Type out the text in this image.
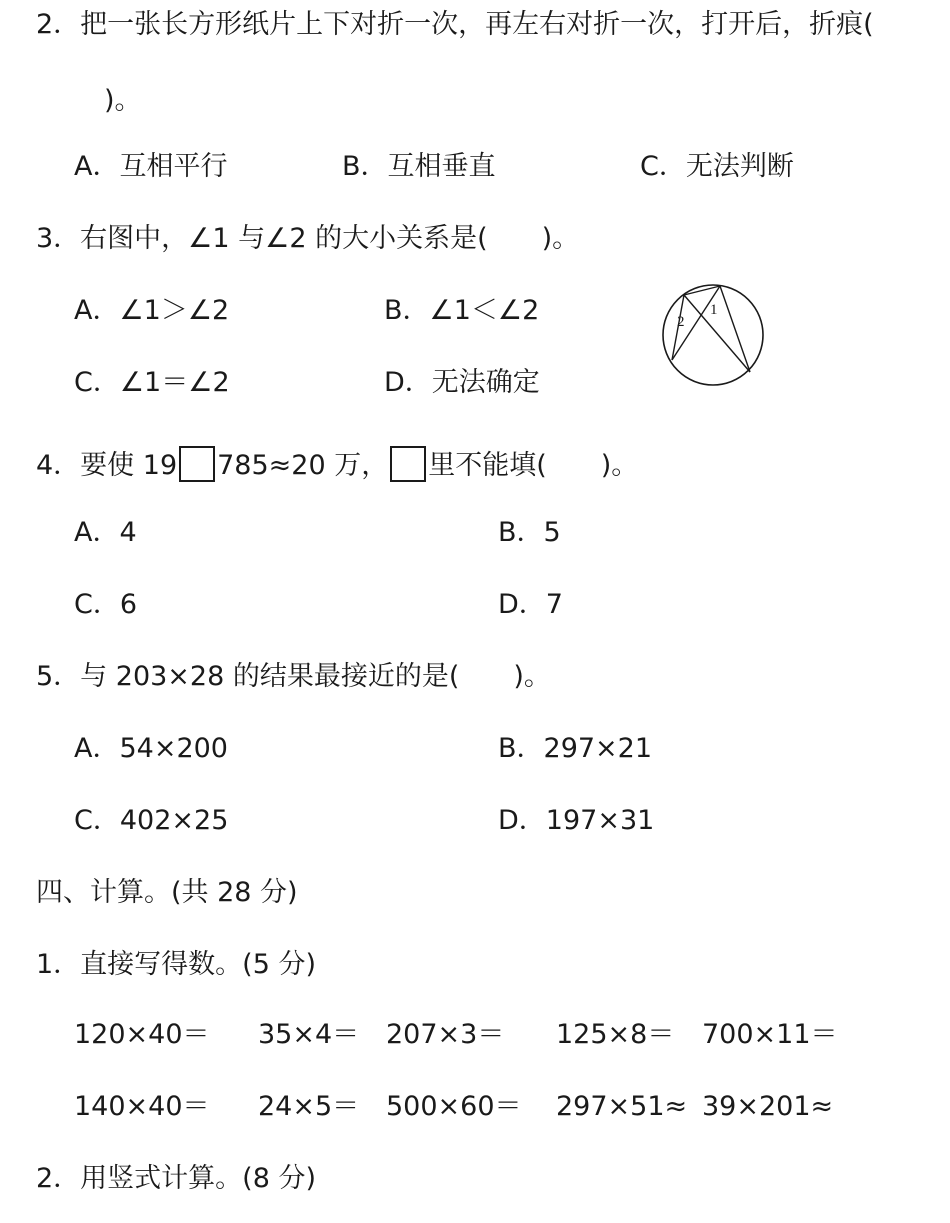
2．把一张长方形纸片上下对折一次，再左右对折一次，打开后，折痕(
)。
A．互相平行	B．互相垂直	C．无法判断
3．右图中，∠1 与∠2 的大小关系是(　　)。
A．∠1＞∠2	B．∠1＜∠2
C．∠1＝∠2	D．无法确定
1
2
4．要使 19 785≈20 万， 里不能填(　　)。
A．4	B．5
C．6	D．7
5．与 203×28 的结果最接近的是(　　)。
A．54×200	B．297×21
C．402×25	D．197×31
四、计算。(共 28 分)
1．直接写得数。(5 分)
120×40＝ 35×4＝ 207×3＝ 125×8＝ 700×11＝
140×40＝ 24×5＝ 500×60＝ 297×51≈ 39×201≈
2．用竖式计算。(8 分)
